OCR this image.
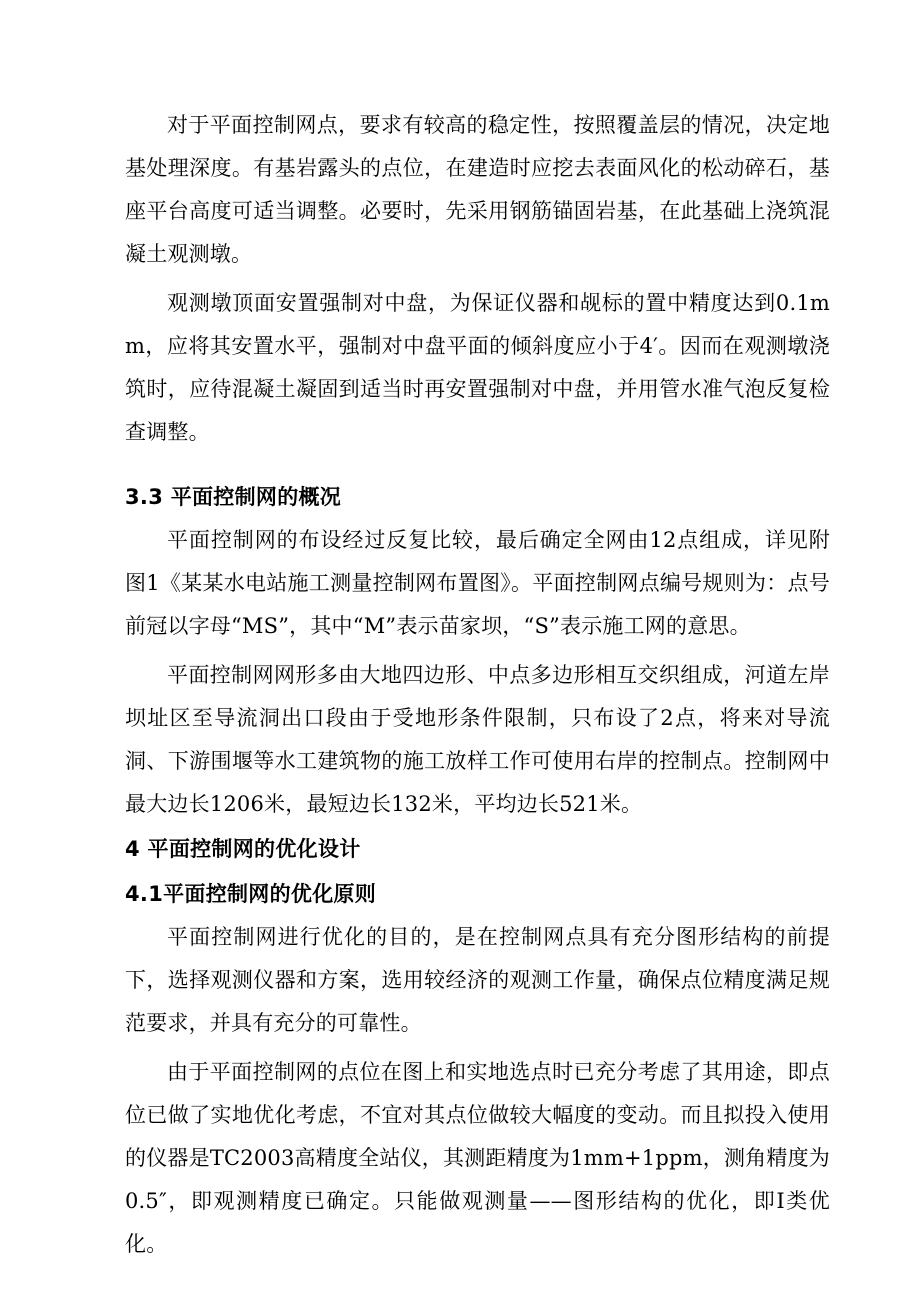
对于平面控制网点，要求有较高的稳定性，按照覆盖层的情况，决定地基处理深度。有基岩露头的点位，在建造时应挖去表面风化的松动碎石，基座平台高度可适当调整。必要时，先采用钢筋锚固岩基，在此基础上浇筑混凝土观测墩。

观测墩顶面安置强制对中盘，为保证仪器和觇标的置中精度达到0.1mm，应将其安置水平，强制对中盘平面的倾斜度应小于4′。因而在观测墩浇筑时，应待混凝土凝固到适当时再安置强制对中盘，并用管水准气泡反复检查调整。

3.3 平面控制网的概况

平面控制网的布设经过反复比较，最后确定全网由12点组成，详见附图1《某某水电站施工测量控制网布置图》。平面控制网点编号规则为：点号前冠以字母“MS”，其中“M”表示苗家坝，“S”表示施工网的意思。

平面控制网网形多由大地四边形、中点多边形相互交织组成，河道左岸坝址区至导流洞出口段由于受地形条件限制，只布设了2点，将来对导流洞、下游围堰等水工建筑物的施工放样工作可使用右岸的控制点。控制网中最大边长1206米，最短边长132米，平均边长521米。

4 平面控制网的优化设计
4.1平面控制网的优化原则

平面控制网进行优化的目的，是在控制网点具有充分图形结构的前提下，选择观测仪器和方案，选用较经济的观测工作量，确保点位精度满足规范要求，并具有充分的可靠性。

由于平面控制网的点位在图上和实地选点时已充分考虑了其用途，即点位已做了实地优化考虑，不宜对其点位做较大幅度的变动。而且拟投入使用的仪器是TC2003高精度全站仪，其测距精度为1mm+1ppm，测角精度为0.5″，即观测精度已确定。只能做观测量——图形结构的优化，即Ⅰ类优化。
